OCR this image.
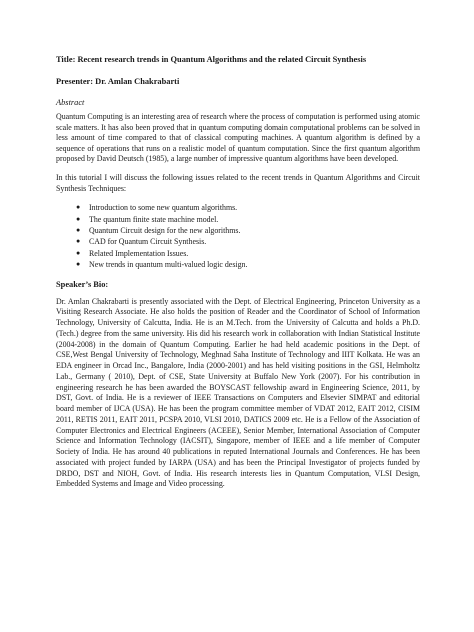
Title: Recent research trends in Quantum Algorithms and the related Circuit Synthesis
Presenter: Dr. Amlan Chakrabarti
Abstract

Quantum Computing is an interesting area of research where the process of computation is performed using atomic scale matters. It has also been proved that in quantum computing domain computational problems can be solved in less amount of time compared to that of classical computing machines. A quantum algorithm is defined by a sequence of operations that runs on a realistic model of quantum computation. Since the first quantum algorithm proposed by David Deutsch (1985), a large number of impressive quantum algorithms have been developed.

In this tutorial I will discuss the following issues related to the recent trends in Quantum Algorithms and Circuit Synthesis Techniques:

● Introduction to some new quantum algorithms.
● The quantum finite state machine model.
● Quantum Circuit design for the new algorithms.
● CAD for Quantum Circuit Synthesis.
● Related Implementation Issues.
● New trends in quantum multi-valued logic design.
Speaker’s Bio:

Dr. Amlan Chakrabarti is presently associated with the Dept. of Electrical Engineering, Princeton University as a Visiting Research Associate. He also holds the position of Reader and the Coordinator of School of Information Technology, University of Calcutta, India. He is an M.Tech. from the University of Calcutta and holds a Ph.D.(Tech.) degree from the same university. His did his research work in collaboration with Indian Statistical Institute (2004-2008) in the domain of Quantum Computing. Earlier he had held academic positions in the Dept. of CSE,West Bengal University of Technology, Meghnad Saha Institute of Technology and IIIT Kolkata. He was an EDA engineer in Orcad Inc., Bangalore, India (2000-2001) and has held visiting positions in the GSI, Helmholtz Lab., Germany ( 2010), Dept. of CSE, State University at Buffalo New York (2007). For his contribution in engineering research he has been awarded the BOYSCAST fellowship award in Engineering Science, 2011, by DST, Govt. of India. He is a reviewer of IEEE Transactions on Computers and Elsevier SIMPAT and editorial board member of IJCA (USA). He has been the program committee member of VDAT 2012, EAIT 2012, CISIM 2011, RETIS 2011, EAIT 2011, PCSPA 2010, VLSI 2010, DATICS 2009 etc. He is a Fellow of the Association of Computer Electronics and Electrical Engineers (ACEEE), Senior Member, International Association of Computer Science and Information Technology (IACSIT), Singapore, member of IEEE and a life member of Computer Society of India. He has around 40 publications in reputed International Journals and Conferences. He has been associated with project funded by IARPA (USA) and has been the Principal Investigator of projects funded by DRDO, DST and NIOH, Govt. of India. His research interests lies in Quantum Computation, VLSI Design, Embedded Systems and Image and Video processing.
